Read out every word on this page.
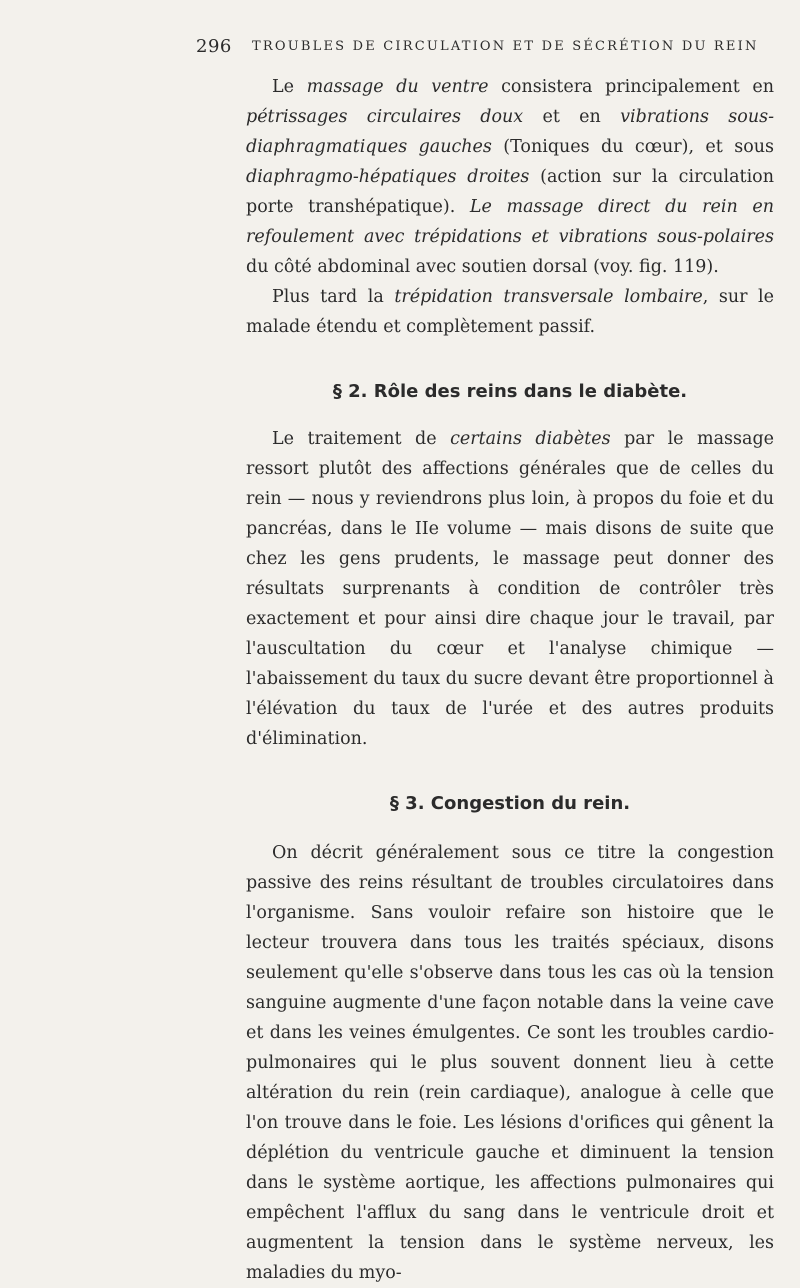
296 TROUBLES DE CIRCULATION ET DE SÉCRÉTION DU REIN

Le massage du ventre consistera principalement en pétrissages circulaires doux et en vibrations sous-diaphragmatiques gauches (Toniques du cœur), et sous diaphragmo-hépatiques droites (action sur la circulation porte transhépatique). Le massage direct du rein en refoulement avec trépidations et vibrations sous-polaires du côté abdominal avec soutien dorsal (voy. fig. 119).

Plus tard la trépidation transversale lombaire, sur le malade étendu et complètement passif.

§ 2. Rôle des reins dans le diabète.

Le traitement de certains diabètes par le massage ressort plutôt des affections générales que de celles du rein — nous y reviendrons plus loin, à propos du foie et du pancréas, dans le IIe volume — mais disons de suite que chez les gens prudents, le massage peut donner des résultats surprenants à condition de contrôler très exactement et pour ainsi dire chaque jour le travail, par l'auscultation du cœur et l'analyse chimique — l'abaissement du taux du sucre devant être proportionnel à l'élévation du taux de l'urée et des autres produits d'élimination.

§ 3. Congestion du rein.

On décrit généralement sous ce titre la congestion passive des reins résultant de troubles circulatoires dans l'organisme. Sans vouloir refaire son histoire que le lecteur trouvera dans tous les traités spéciaux, disons seulement qu'elle s'observe dans tous les cas où la tension sanguine augmente d'une façon notable dans la veine cave et dans les veines émulgentes. Ce sont les troubles cardio-pulmonaires qui le plus souvent donnent lieu à cette altération du rein (rein cardiaque), analogue à celle que l'on trouve dans le foie. Les lésions d'orifices qui gênent la déplétion du ventricule gauche et diminuent la tension dans le système aortique, les affections pulmonaires qui empêchent l'afflux du sang dans le ventricule droit et augmentent la tension dans le système nerveux, les maladies du myo-
